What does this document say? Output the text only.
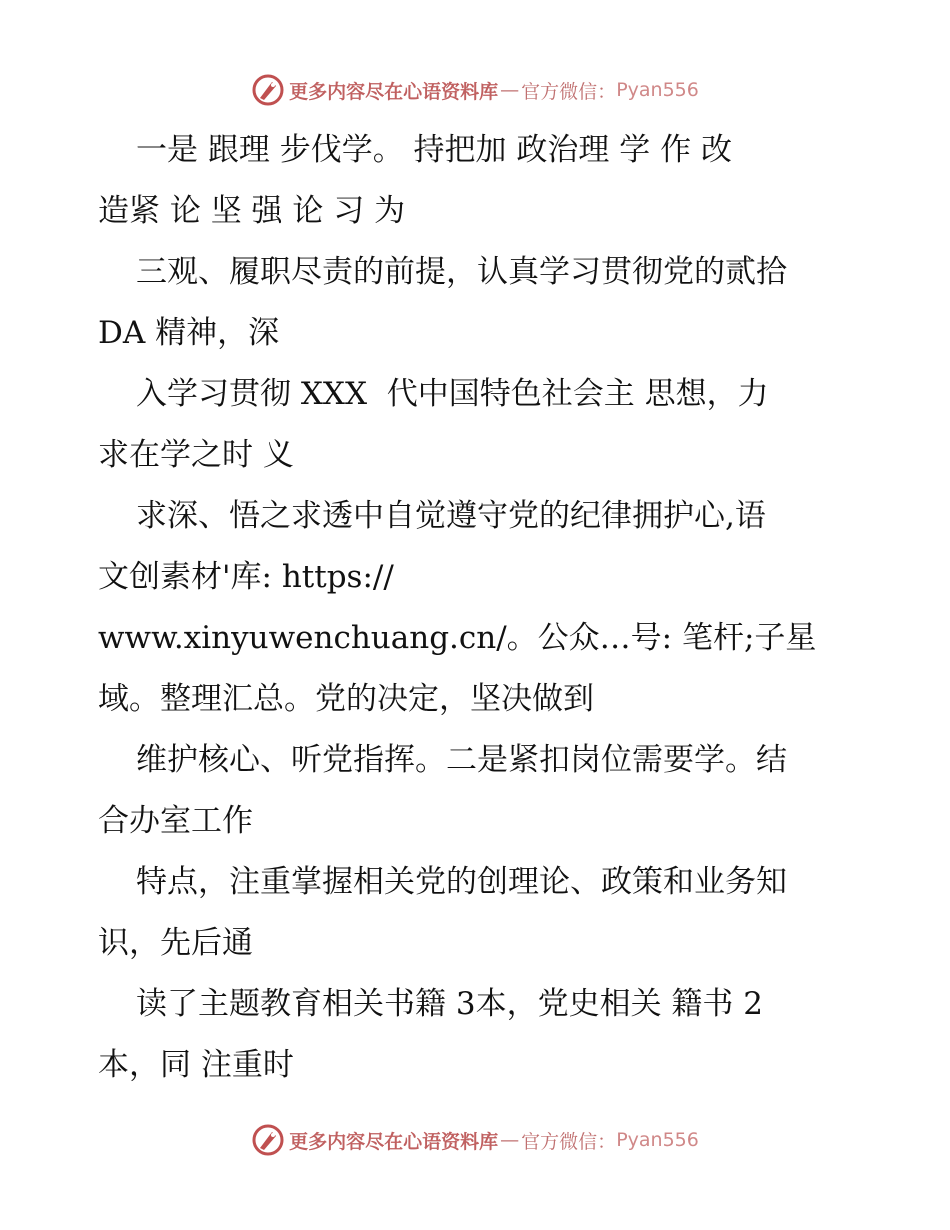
更多内容尽在心语资料库 — 官方微信： Pyan556
一是 跟理 步伐学。 持把加 政治理 学 作 改
造紧 论 坚 强 论 习 为
三观、履职尽责的前提，认真学习贯彻党的贰拾
DA 精神，深
入学习贯彻 XXX  代中国特色社会主 思想，力
求在学之时 义
求深、悟之求透中自觉遵守党的纪律拥护心,语
文创素材'库: https://
www.xinyuwenchuang.cn/。公众…号: 笔杆;子星
域。整理汇总。党的决定，坚决做到
维护核心、听党指挥。二是紧扣岗位需要学。结
合办室工作
特点，注重掌握相关党的创理论、政策和业务知
识，先后通
读了主题教育相关书籍 3本，党史相关 籍书 2
本，同 注重时
更多内容尽在心语资料库 — 官方微信： Pyan556
